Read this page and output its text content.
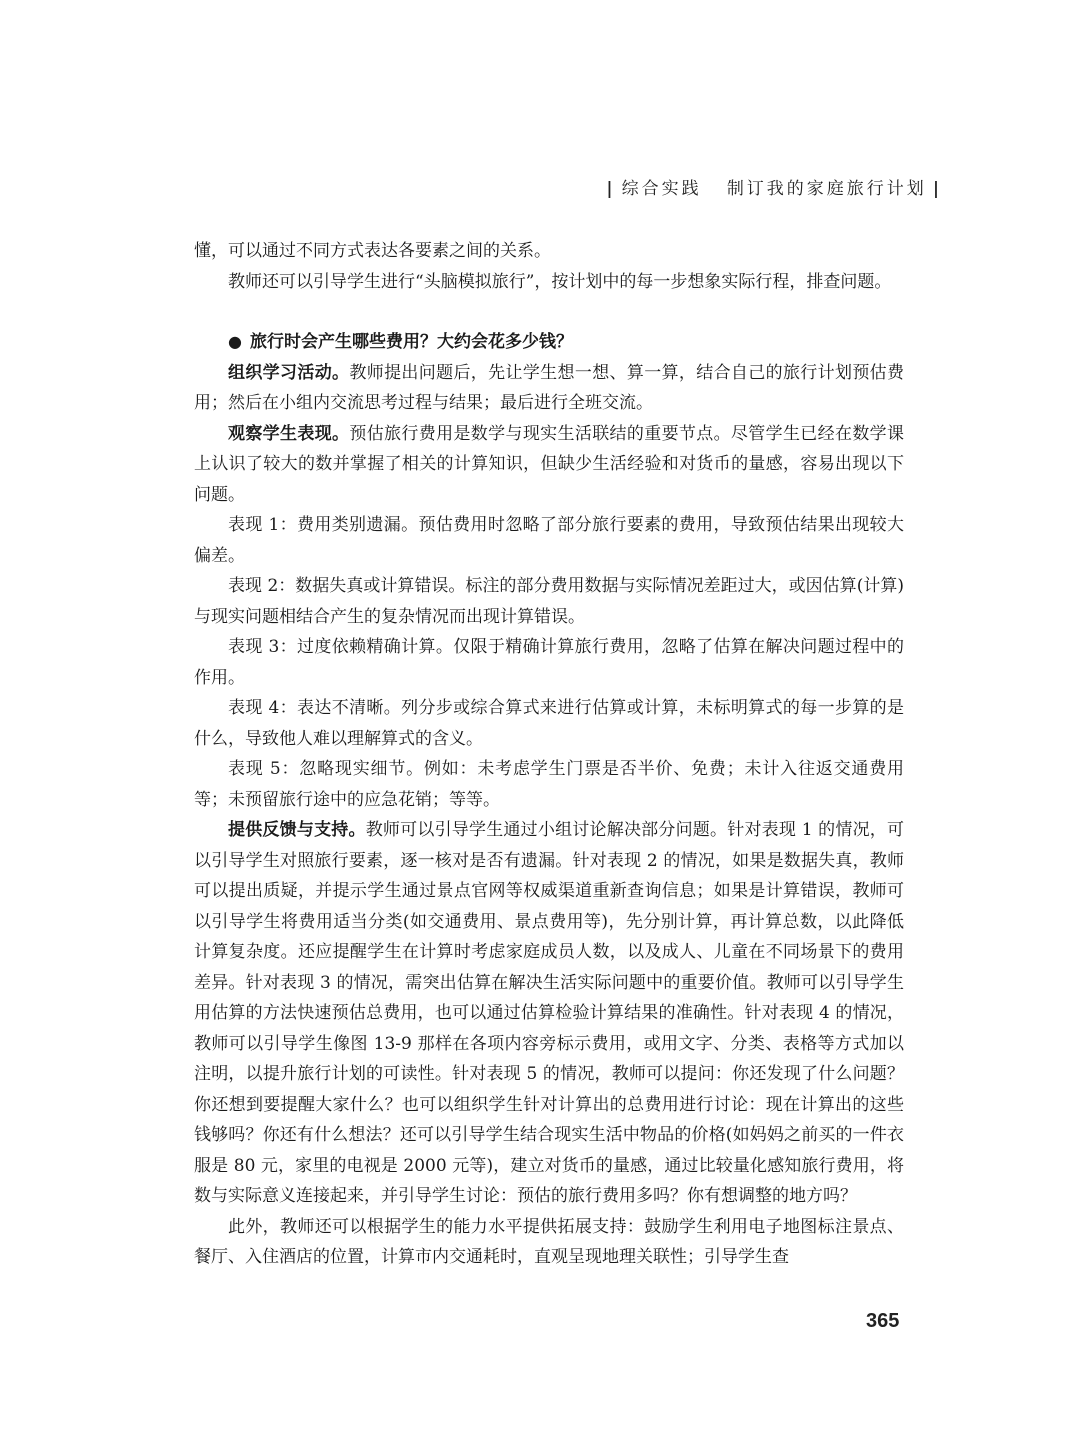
| 综合实践 制订我的家庭旅行计划 |

懂，可以通过不同方式表达各要素之间的关系。

教师还可以引导学生进行“头脑模拟旅行”，按计划中的每一步想象实际行程，排查问题。

● 旅行时会产生哪些费用？大约会花多少钱？

组织学习活动。教师提出问题后，先让学生想一想、算一算，结合自己的旅行计划预估费用；然后在小组内交流思考过程与结果；最后进行全班交流。

观察学生表现。预估旅行费用是数学与现实生活联结的重要节点。尽管学生已经在数学课上认识了较大的数并掌握了相关的计算知识，但缺少生活经验和对货币的量感，容易出现以下问题。

表现 1：费用类别遗漏。预估费用时忽略了部分旅行要素的费用，导致预估结果出现较大偏差。

表现 2：数据失真或计算错误。标注的部分费用数据与实际情况差距过大，或因估算(计算)与现实问题相结合产生的复杂情况而出现计算错误。

表现 3：过度依赖精确计算。仅限于精确计算旅行费用，忽略了估算在解决问题过程中的作用。

表现 4：表达不清晰。列分步或综合算式来进行估算或计算，未标明算式的每一步算的是什么，导致他人难以理解算式的含义。

表现 5：忽略现实细节。例如：未考虑学生门票是否半价、免费；未计入往返交通费用等；未预留旅行途中的应急花销；等等。

提供反馈与支持。教师可以引导学生通过小组讨论解决部分问题。针对表现 1 的情况，可以引导学生对照旅行要素，逐一核对是否有遗漏。针对表现 2 的情况，如果是数据失真，教师可以提出质疑，并提示学生通过景点官网等权威渠道重新查询信息；如果是计算错误，教师可以引导学生将费用适当分类(如交通费用、景点费用等)，先分别计算，再计算总数，以此降低计算复杂度。还应提醒学生在计算时考虑家庭成员人数，以及成人、儿童在不同场景下的费用差异。针对表现 3 的情况，需突出估算在解决生活实际问题中的重要价值。教师可以引导学生用估算的方法快速预估总费用，也可以通过估算检验计算结果的准确性。针对表现 4 的情况，教师可以引导学生像图 13-9 那样在各项内容旁标示费用，或用文字、分类、表格等方式加以注明，以提升旅行计划的可读性。针对表现 5 的情况，教师可以提问：你还发现了什么问题？你还想到要提醒大家什么？也可以组织学生针对计算出的总费用进行讨论：现在计算出的这些钱够吗？你还有什么想法？还可以引导学生结合现实生活中物品的价格(如妈妈之前买的一件衣服是 80 元，家里的电视是 2000 元等)，建立对货币的量感，通过比较量化感知旅行费用，将数与实际意义连接起来，并引导学生讨论：预估的旅行费用多吗？你有想调整的地方吗？

此外，教师还可以根据学生的能力水平提供拓展支持：鼓励学生利用电子地图标注景点、餐厅、入住酒店的位置，计算市内交通耗时，直观呈现地理关联性；引导学生查

365
